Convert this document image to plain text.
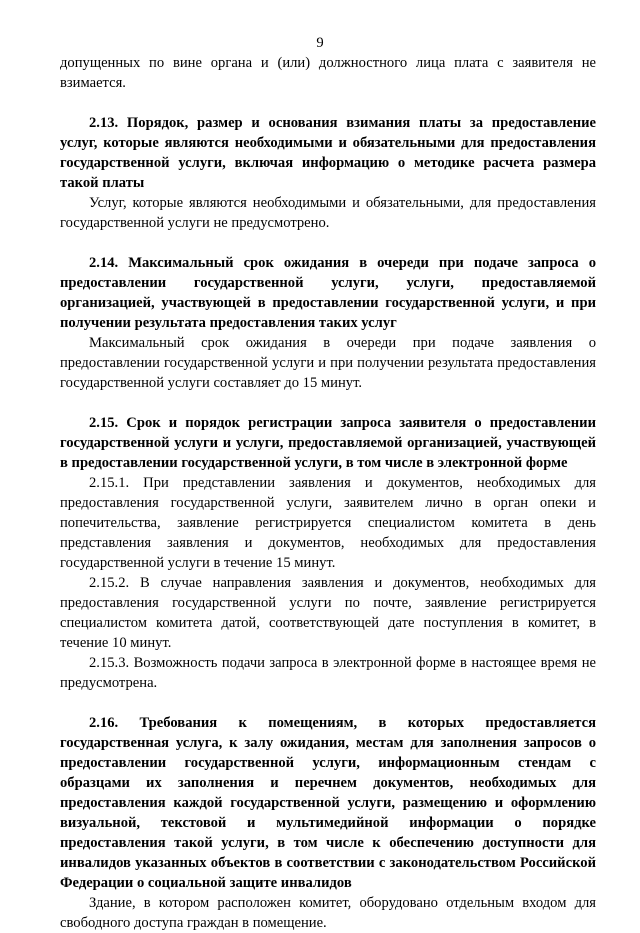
9

допущенных по вине органа и (или) должностного лица плата с заявителя не взимается.

2.13. Порядок, размер и основания взимания платы за предоставление услуг, которые являются необходимыми и обязательными для предоставления государственной услуги, включая информацию о методике расчета размера такой платы

Услуг, которые являются необходимыми и обязательными, для предоставления государственной услуги не предусмотрено.

2.14. Максимальный срок ожидания в очереди при подаче запроса о предоставлении государственной услуги, услуги, предоставляемой организацией, участвующей в предоставлении государственной услуги, и при получении результата предоставления таких услуг

Максимальный срок ожидания в очереди при подаче заявления о предоставлении государственной услуги и при получении результата предоставления государственной услуги составляет до 15 минут.

2.15. Срок и порядок регистрации запроса заявителя о предоставлении государственной услуги и услуги, предоставляемой организацией, участвующей в предоставлении государственной услуги, в том числе в электронной форме

2.15.1. При представлении заявления и документов, необходимых для предоставления государственной услуги, заявителем лично в орган опеки и попечительства, заявление регистрируется специалистом комитета в день представления заявления и документов, необходимых для предоставления государственной услуги в течение 15 минут.

2.15.2. В случае направления заявления и документов, необходимых для предоставления государственной услуги по почте, заявление регистрируется специалистом комитета датой, соответствующей дате поступления в комитет, в течение 10 минут.

2.15.3. Возможность подачи запроса в электронной форме в настоящее время не предусмотрена.

2.16. Требования к помещениям, в которых предоставляется государственная услуга, к залу ожидания, местам для заполнения запросов о предоставлении государственной услуги, информационным стендам с образцами их заполнения и перечнем документов, необходимых для предоставления каждой государственной услуги, размещению и оформлению визуальной, текстовой и мультимедийной информации о порядке предоставления такой услуги, в том числе к обеспечению доступности для инвалидов указанных объектов в соответствии с законодательством Российской Федерации о социальной защите инвалидов

Здание, в котором расположен комитет, оборудовано отдельным входом для свободного доступа граждан в помещение.
